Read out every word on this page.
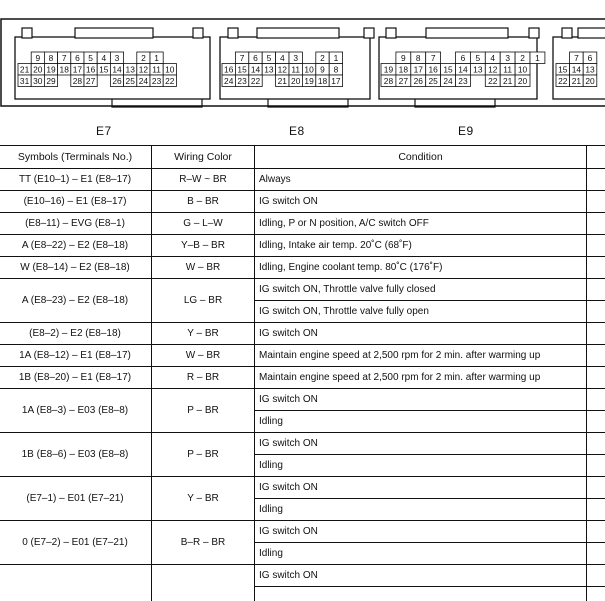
9 8 7 6 5 4 3	2 1
21 20 19 18 17 16 15 14 13 12 11 10
31 30 29 28 27 26 25 24 23 22
7 6 5 4 3	2 1
16 15 14 13 12 11 10 9 8
24 23 22 21 20 19 18 17
9 8 7	6 5 4 3 2 1
19 18 17 16 15 14 13 12 11 10
28 27 26 25 24 23 22 21 20
7 6
15 14 13
22 21 20
E7	E8	E9
Symbols (Terminals No.)	Wiring Color	Condition	
TT (E10–1) – E1 (E8–17)	R–W ~ BR	Always	
(E10–16) – E1 (E8–17)	B – BR	IG switch ON	
(E8–11) – EVG (E8–1)	G – L–W	Idling, P or N position, A/C switch OFF	
A (E8–22) – E2 (E8–18)	Y–B – BR	Idling, Intake air temp. 20˚C (68˚F)	
W (E8–14) – E2 (E8–18)	W – BR	Idling, Engine coolant temp. 80˚C (176˚F)	
A (E8–23) – E2 (E8–18)	LG – BR	IG switch ON, Throttle valve fully closed	
		IG switch ON, Throttle valve fully open	
(E8–2) – E2 (E8–18)	Y – BR	IG switch ON	
1A (E8–12) – E1 (E8–17)	W – BR	Maintain engine speed at 2,500 rpm for 2 min. after warming up	
1B (E8–20) – E1 (E8–17)	R – BR	Maintain engine speed at 2,500 rpm for 2 min. after warming up	
1A (E8–3) – E03 (E8–8)	P – BR	IG switch ON	
		Idling	
1B (E8–6) – E03 (E8–8)	P – BR	IG switch ON	
		Idling	
(E7–1) – E01 (E7–21)	Y – BR	IG switch ON	
		Idling	
0 (E7–2) – E01 (E7–21)	B–R – BR	IG switch ON	
		Idling	
		IG switch ON	
